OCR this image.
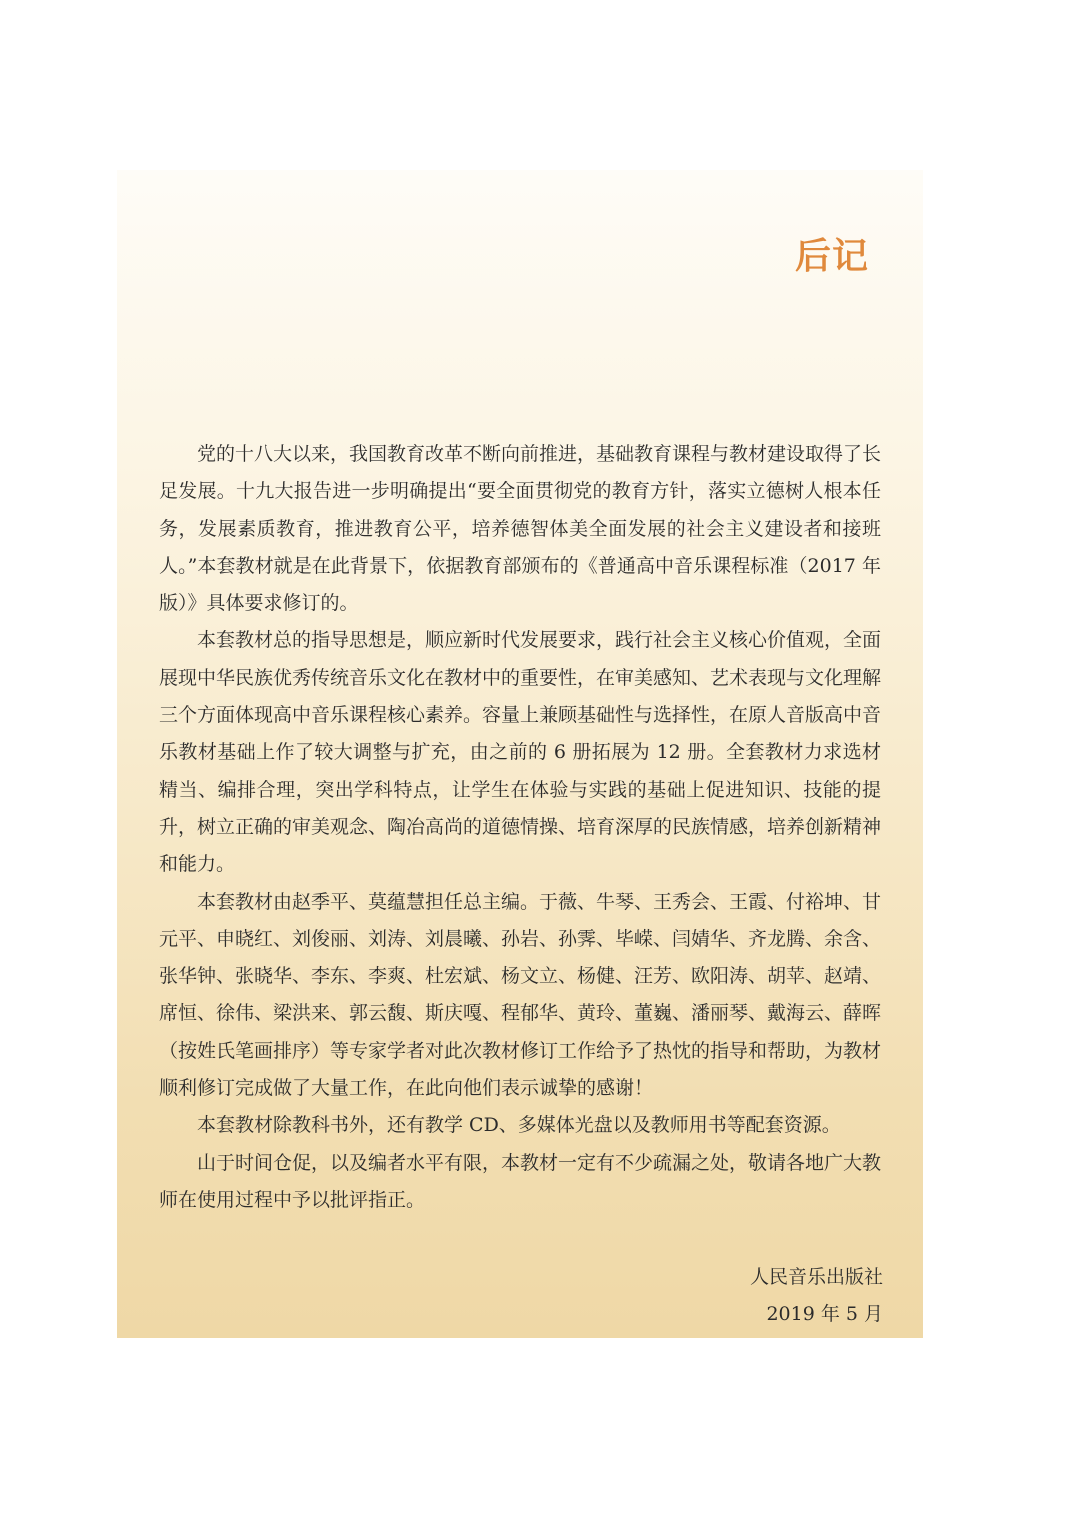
后记

党的十八大以来，我国教育改革不断向前推进，基础教育课程与教材建设取得了长足发展。十九大报告进一步明确提出“要全面贯彻党的教育方针，落实立德树人根本任务，发展素质教育，推进教育公平，培养德智体美全面发展的社会主义建设者和接班人。”本套教材就是在此背景下，依据教育部颁布的《普通高中音乐课程标准（2017 年版）》具体要求修订的。

本套教材总的指导思想是，顺应新时代发展要求，践行社会主义核心价值观，全面展现中华民族优秀传统音乐文化在教材中的重要性，在审美感知、艺术表现与文化理解三个方面体现高中音乐课程核心素养。容量上兼顾基础性与选择性，在原人音版高中音乐教材基础上作了较大调整与扩充，由之前的 6 册拓展为 12 册。全套教材力求选材精当、编排合理，突出学科特点，让学生在体验与实践的基础上促进知识、技能的提升，树立正确的审美观念、陶冶高尚的道德情操、培育深厚的民族情感，培养创新精神和能力。

本套教材由赵季平、莫蕴慧担任总主编。于薇、牛琴、王秀会、王霞、付裕坤、甘元平、申晓红、刘俊丽、刘涛、刘晨曦、孙岩、孙霁、毕嵘、闫婧华、齐龙腾、余含、张华钟、张晓华、李东、李爽、杜宏斌、杨文立、杨健、汪芳、欧阳涛、胡苹、赵靖、席恒、徐伟、梁洪来、郭云馥、斯庆嘎、程郁华、黄玲、董巍、潘丽琴、戴海云、薛晖（按姓氏笔画排序）等专家学者对此次教材修订工作给予了热忱的指导和帮助，为教材顺利修订完成做了大量工作，在此向他们表示诚挚的感谢！

本套教材除教科书外，还有教学 CD、多媒体光盘以及教师用书等配套资源。

山于时间仓促，以及编者水平有限，本教材一定有不少疏漏之处，敬请各地广大教师在使用过程中予以批评指正。

人民音乐出版社

2019 年 5 月
